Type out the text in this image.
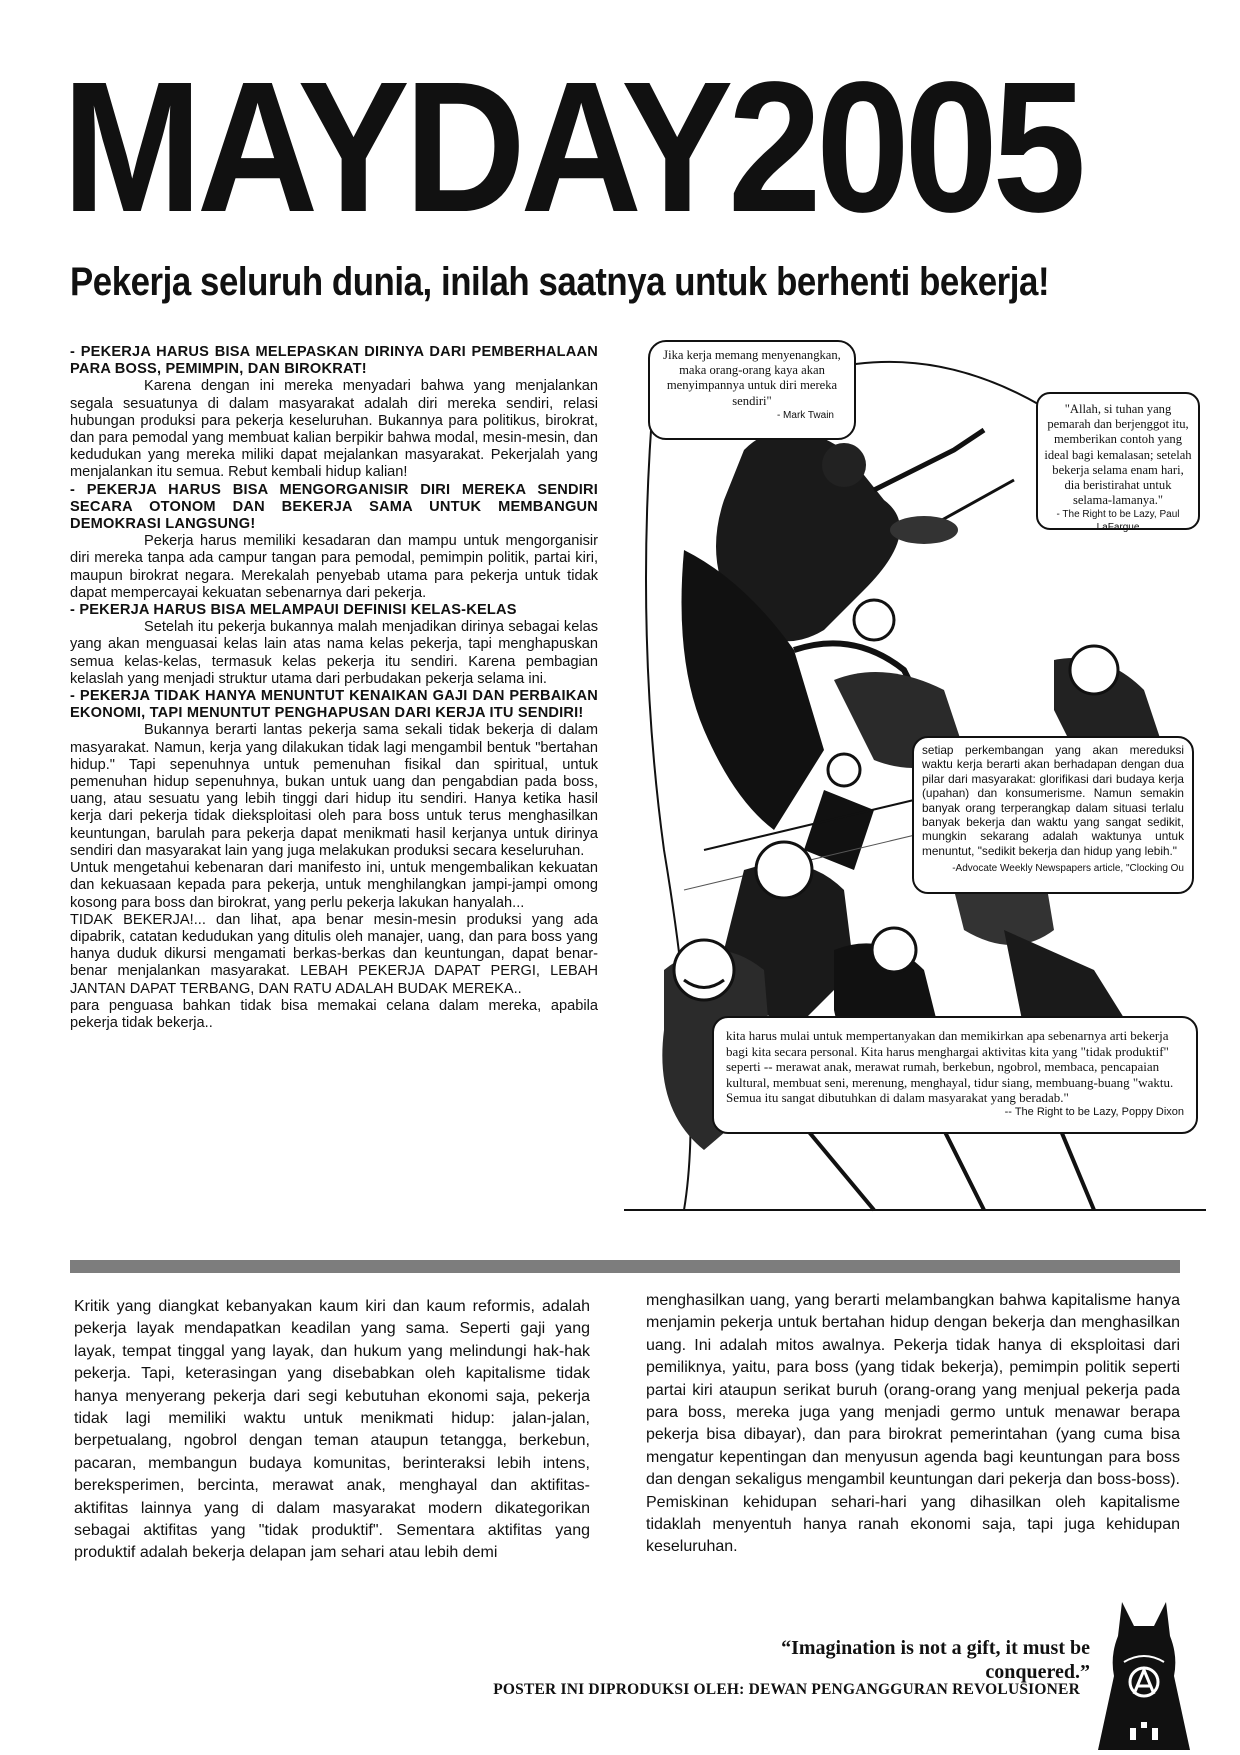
MAYDAY2005
Pekerja seluruh dunia, inilah saatnya untuk berhenti bekerja!

- PEKERJA HARUS BISA MELEPASKAN DIRINYA DARI PEMBERHALAAN PARA BOSS, PEMIMPIN, DAN BIROKRAT!

Karena dengan ini mereka menyadari bahwa yang menjalankan segala sesuatunya di dalam masyarakat adalah diri mereka sendiri, relasi hubungan produksi para pekerja keseluruhan. Bukannya para politikus, birokrat, dan para pemodal yang membuat kalian berpikir bahwa modal, mesin-mesin, dan kedudukan yang mereka miliki dapat mejalankan masyarakat. Pekerjalah yang menjalankan itu semua. Rebut kembali hidup kalian!

- PEKERJA HARUS BISA MENGORGANISIR DIRI MEREKA SENDIRI SECARA OTONOM DAN BEKERJA SAMA UNTUK MEMBANGUN DEMOKRASI LANGSUNG!

Pekerja harus memiliki kesadaran dan mampu untuk mengorganisir diri mereka tanpa ada campur tangan para pemodal, pemimpin politik, partai kiri, maupun birokrat negara. Merekalah penyebab utama para pekerja untuk tidak dapat mempercayai kekuatan sebenarnya dari pekerja.

- PEKERJA HARUS BISA MELAMPAUI DEFINISI KELAS-KELAS

Setelah itu pekerja bukannya malah menjadikan dirinya sebagai kelas yang akan menguasai kelas lain atas nama kelas pekerja, tapi menghapuskan semua kelas-kelas, termasuk kelas pekerja itu sendiri. Karena pembagian kelaslah yang menjadi struktur utama dari perbudakan pekerja selama ini.

- PEKERJA TIDAK HANYA MENUNTUT KENAIKAN GAJI DAN PERBAIKAN EKONOMI, TAPI MENUNTUT PENGHAPUSAN DARI KERJA ITU SENDIRI!

Bukannya berarti lantas pekerja sama sekali tidak bekerja di dalam masyarakat. Namun, kerja yang dilakukan tidak lagi mengambil bentuk "bertahan hidup." Tapi sepenuhnya untuk pemenuhan fisikal dan spiritual, untuk pemenuhan hidup sepenuhnya, bukan untuk uang dan pengabdian pada boss, uang, atau sesuatu yang lebih tinggi dari hidup itu sendiri. Hanya ketika hasil kerja dari pekerja tidak dieksploitasi oleh para boss untuk terus menghasilkan keuntungan, barulah para pekerja dapat menikmati hasil kerjanya untuk dirinya sendiri dan masyarakat lain yang juga melakukan produksi secara keseluruhan.

Untuk mengetahui kebenaran dari manifesto ini, untuk mengembalikan kekuatan dan kekuasaan kepada para pekerja, untuk menghilangkan jampi-jampi omong kosong para boss dan birokrat, yang perlu pekerja lakukan hanyalah...

TIDAK BEKERJA!... dan lihat, apa benar mesin-mesin produksi yang ada dipabrik, catatan kedudukan yang ditulis oleh manajer, uang, dan para boss yang hanya duduk dikursi mengamati berkas-berkas dan keuntungan, dapat benar-benar menjalankan masyarakat. LEBAH PEKERJA DAPAT PERGI, LEBAH JANTAN DAPAT TERBANG, DAN RATU ADALAH BUDAK MEREKA..

para penguasa bahkan tidak bisa memakai celana dalam mereka, apabila pekerja tidak bekerja..

Jika kerja memang menyenangkan, maka orang-orang kaya akan menyimpannya untuk diri mereka sendiri"
- Mark Twain	"Allah, si tuhan yang pemarah dan berjenggot itu, memberikan contoh yang ideal bagi kemalasan; setelah bekerja selama enam hari, dia beristirahat untuk selama-lamanya."
- The Right to be Lazy, Paul LaFargue
setiap perkembangan yang akan mereduksi waktu kerja berarti akan berhadapan dengan dua pilar dari masyarakat: glorifikasi dari budaya kerja (upahan) dan konsumerisme. Namun semakin banyak orang terperangkap dalam situasi terlalu banyak bekerja dan waktu yang sangat sedikit, mungkin sekarang adalah waktunya untuk menuntut, "sedikit bekerja dan hidup yang lebih."
-Advocate Weekly Newspapers article, "Clocking Ou
kita harus mulai untuk mempertanyakan dan memikirkan apa sebenarnya arti bekerja bagi kita secara personal. Kita harus menghargai aktivitas kita yang "tidak produktif" seperti -- merawat anak, merawat rumah, berkebun, ngobrol, membaca, pencapaian kultural, membuat seni, merenung, menghayal, tidur siang, membuang-buang "waktu. Semua itu sangat dibutuhkan di dalam masyarakat yang beradab."
-- The Right to be Lazy, Poppy Dixon

Kritik yang diangkat kebanyakan kaum kiri dan kaum reformis, adalah pekerja layak mendapatkan keadilan yang sama. Seperti gaji yang layak, tempat tinggal yang layak, dan hukum yang melindungi hak-hak pekerja. Tapi, keterasingan yang disebabkan oleh kapitalisme tidak hanya menyerang pekerja dari segi kebutuhan ekonomi saja, pekerja tidak lagi memiliki waktu untuk menikmati hidup: jalan-jalan, berpetualang, ngobrol dengan teman ataupun tetangga, berkebun, pacaran, membangun budaya komunitas, berinteraksi lebih intens, bereksperimen, bercinta, merawat anak, menghayal dan aktifitas-aktifitas lainnya yang di dalam masyarakat modern dikategorikan sebagai aktifitas yang "tidak produktif". Sementara aktifitas yang produktif adalah bekerja delapan jam sehari atau lebih demi

menghasilkan uang, yang berarti melambangkan bahwa kapitalisme hanya menjamin pekerja untuk bertahan hidup dengan bekerja dan menghasilkan uang. Ini adalah mitos awalnya. Pekerja tidak hanya di eksploitasi dari pemiliknya, yaitu, para boss (yang tidak bekerja), pemimpin politik seperti partai kiri ataupun serikat buruh (orang-orang yang menjual pekerja pada para boss, mereka juga yang menjadi germo untuk menawar berapa pekerja bisa dibayar), dan para birokrat pemerintahan (yang cuma bisa mengatur kepentingan dan menyusun agenda bagi keuntungan para boss dan dengan sekaligus mengambil keuntungan dari pekerja dan boss-boss). Pemiskinan kehidupan sehari-hari yang dihasilkan oleh kapitalisme tidaklah menyentuh hanya ranah ekonomi saja, tapi juga kehidupan keseluruhan.

“Imagination is not a gift, it must be conquered.”
POSTER INI DIPRODUKSI OLEH: DEWAN PENGANGGURAN REVOLUSIONER
